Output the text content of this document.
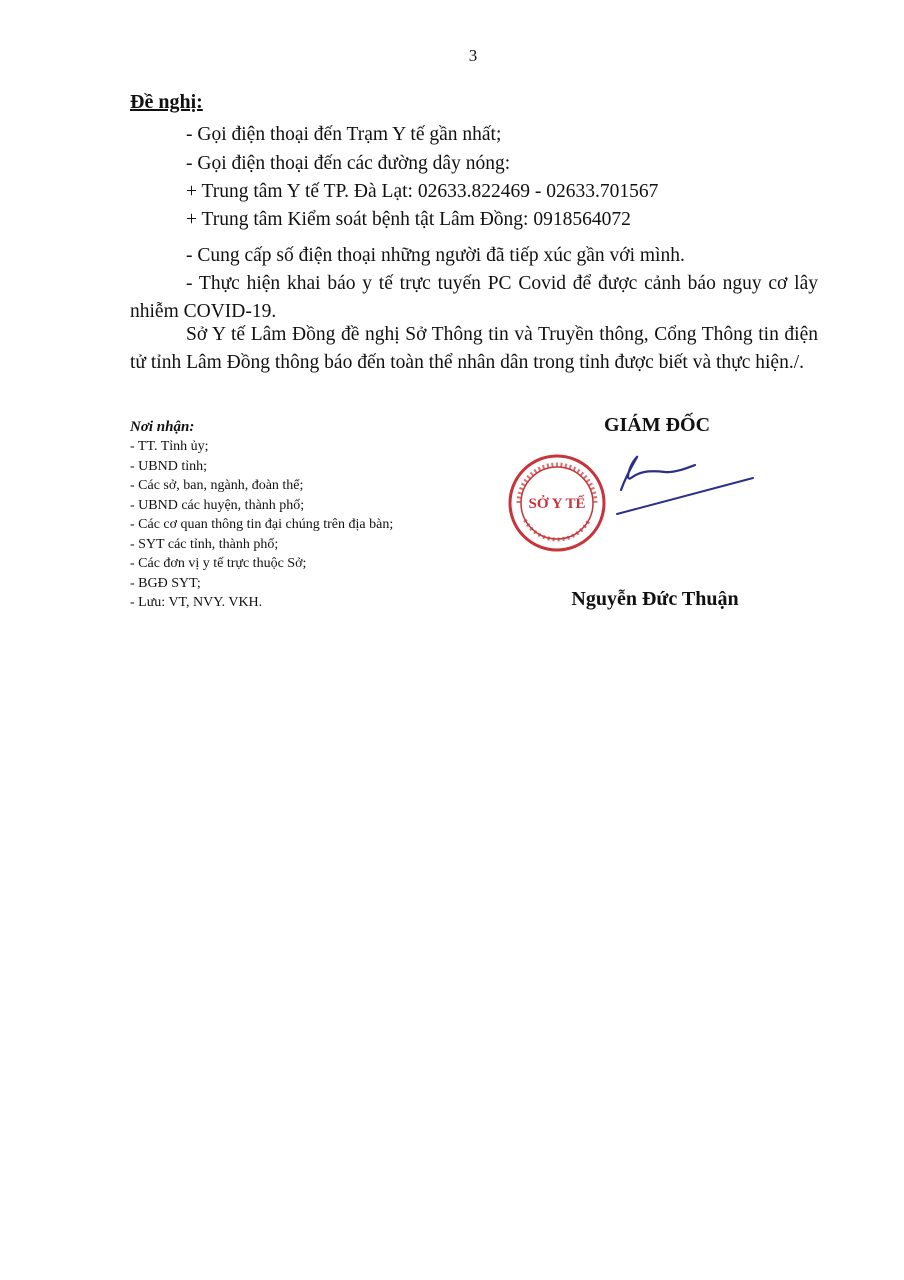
3
Đề nghị:
- Gọi điện thoại đến Trạm Y tế gần nhất;
- Gọi điện thoại đến các đường dây nóng:
+ Trung tâm Y tế TP. Đà Lạt: 02633.822469 - 02633.701567
+ Trung tâm Kiểm soát bệnh tật Lâm Đồng: 0918564072
- Cung cấp số điện thoại những người đã tiếp xúc gần với mình.
- Thực hiện khai báo y tế trực tuyến PC Covid để được cảnh báo nguy cơ lây nhiễm COVID-19.
Sở Y tế Lâm Đồng đề nghị Sở Thông tin và Truyền thông, Cổng Thông tin điện tử tỉnh Lâm Đồng thông báo đến toàn thể nhân dân trong tỉnh được biết và thực hiện./.
Nơi nhận:
- TT. Tỉnh ủy;
- UBND tỉnh;
- Các sở, ban, ngành, đoàn thể;
- UBND các huyện, thành phố;
- Các cơ quan thông tin đại chúng trên địa bàn;
- SYT các tỉnh, thành phố;
- Các đơn vị y tế trực thuộc Sở;
- BGĐ SYT;
- Lưu: VT, NVY. VKH.
GIÁM ĐỐC
SỞ Y TẾ
Nguyễn Đức Thuận
